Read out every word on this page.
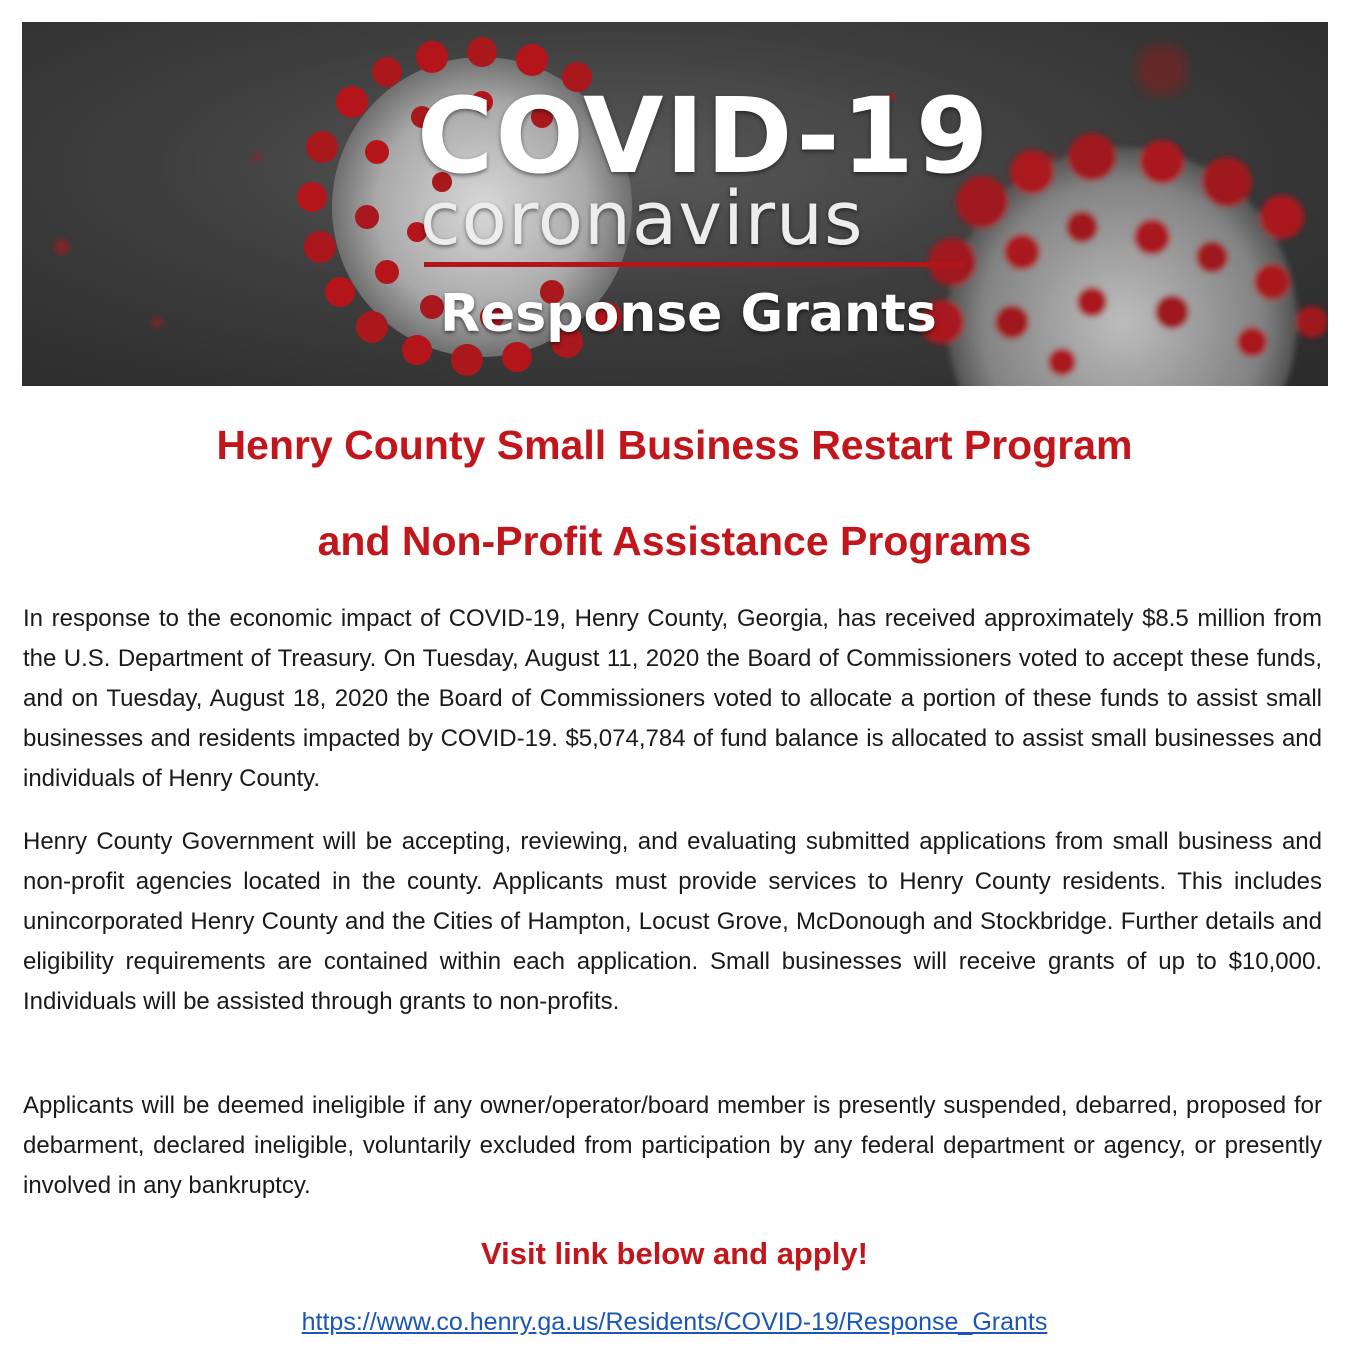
COVID-19
coronavirus
Response Grants
Henry County Small Business Restart Program
and Non-Profit Assistance Programs
In response to the economic impact of COVID-19, Henry County, Georgia, has received approximately $8.5 million from the U.S. Department of Treasury. On Tuesday, August 11, 2020 the Board of Commissioners voted to accept these funds, and on Tuesday, August 18, 2020 the Board of Commissioners voted to allocate a portion of these funds to assist small businesses and residents impacted by COVID-19. $5,074,784 of fund balance is allocated to assist small businesses and individuals of Henry County.
Henry County Government will be accepting, reviewing, and evaluating submitted applications from small business and non-profit agencies located in the county. Applicants must provide services to Henry County residents. This includes unincorporated Henry County and the Cities of Hampton, Locust Grove, McDonough and Stockbridge. Further details and eligibility requirements are contained within each application. Small businesses will receive grants of up to $10,000. Individuals will be assisted through grants to non-profits.
Applicants will be deemed ineligible if any owner/operator/board member is presently suspended, debarred, proposed for debarment, declared ineligible, voluntarily excluded from participation by any federal department or agency, or presently involved in any bankruptcy.
Visit link below and apply!
https://www.co.henry.ga.us/Residents/COVID-19/Response_Grants
